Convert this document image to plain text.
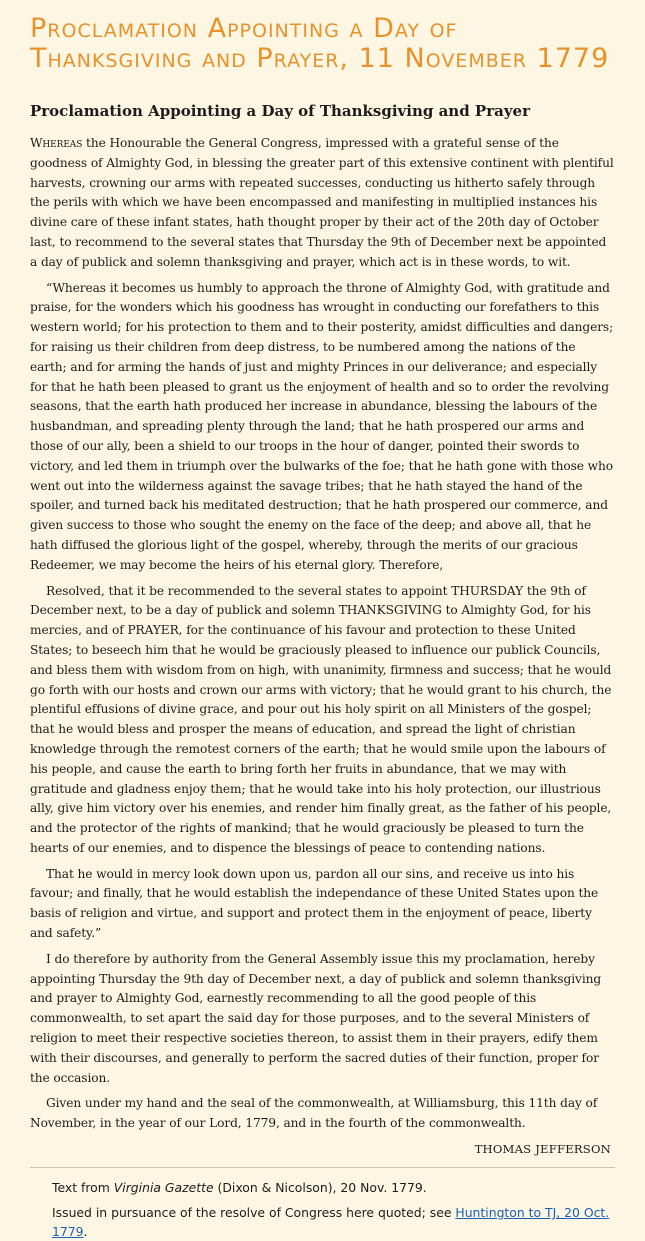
Proclamation Appointing a Day of Thanksgiving and Prayer, 11 November 1779
Proclamation Appointing a Day of Thanksgiving and Prayer

Whereas the Honourable the General Congress, impressed with a grateful sense of the goodness of Almighty God, in blessing the greater part of this extensive continent with plentiful harvests, crowning our arms with repeated successes, conducting us hitherto safely through the perils with which we have been encompassed and manifesting in multiplied instances his divine care of these infant states, hath thought proper by their act of the 20th day of October last, to recommend to the several states that Thursday the 9th of December next be appointed a day of publick and solemn thanksgiving and prayer, which act is in these words, to wit.

“Whereas it becomes us humbly to approach the throne of Almighty God, with gratitude and praise, for the wonders which his goodness has wrought in conducting our forefathers to this western world; for his protection to them and to their posterity, amidst difficulties and dangers; for raising us their children from deep distress, to be numbered among the nations of the earth; and for arming the hands of just and mighty Princes in our deliverance; and especially for that he hath been pleased to grant us the enjoyment of health and so to order the revolving seasons, that the earth hath produced her increase in abundance, blessing the labours of the husbandman, and spreading plenty through the land; that he hath prospered our arms and those of our ally, been a shield to our troops in the hour of danger, pointed their swords to victory, and led them in triumph over the bulwarks of the foe; that he hath gone with those who went out into the wilderness against the savage tribes; that he hath stayed the hand of the spoiler, and turned back his meditated destruction; that he hath prospered our commerce, and given success to those who sought the enemy on the face of the deep; and above all, that he hath diffused the glorious light of the gospel, whereby, through the merits of our gracious Redeemer, we may become the heirs of his eternal glory. Therefore,

Resolved, that it be recommended to the several states to appoint THURSDAY the 9th of December next, to be a day of publick and solemn THANKSGIVING to Almighty God, for his mercies, and of PRAYER, for the continuance of his favour and protection to these United States; to beseech him that he would be graciously pleased to influence our publick Councils, and bless them with wisdom from on high, with unanimity, firmness and success; that he would go forth with our hosts and crown our arms with victory; that he would grant to his church, the plentiful effusions of divine grace, and pour out his holy spirit on all Ministers of the gospel; that he would bless and prosper the means of education, and spread the light of christian knowledge through the remotest corners of the earth; that he would smile upon the labours of his people, and cause the earth to bring forth her fruits in abundance, that we may with gratitude and gladness enjoy them; that he would take into his holy protection, our illustrious ally, give him victory over his enemies, and render him finally great, as the father of his people, and the protector of the rights of mankind; that he would graciously be pleased to turn the hearts of our enemies, and to dispence the blessings of peace to contending nations.

That he would in mercy look down upon us, pardon all our sins, and receive us into his favour; and finally, that he would establish the independance of these United States upon the basis of religion and virtue, and support and protect them in the enjoyment of peace, liberty and safety.”

I do therefore by authority from the General Assembly issue this my proclamation, hereby appointing Thursday the 9th day of December next, a day of publick and solemn thanksgiving and prayer to Almighty God, earnestly recommending to all the good people of this commonwealth, to set apart the said day for those purposes, and to the several Ministers of religion to meet their respective societies thereon, to assist them in their prayers, edify them with their discourses, and generally to perform the sacred duties of their function, proper for the occasion.

Given under my hand and the seal of the commonwealth, at Williamsburg, this 11th day of November, in the year of our Lord, 1779, and in the fourth of the commonwealth.

THOMAS JEFFERSON

Text from Virginia Gazette (Dixon & Nicolson), 20 Nov. 1779.

Issued in pursuance of the resolve of Congress here quoted; see Huntington to TJ, 20 Oct. 1779.
